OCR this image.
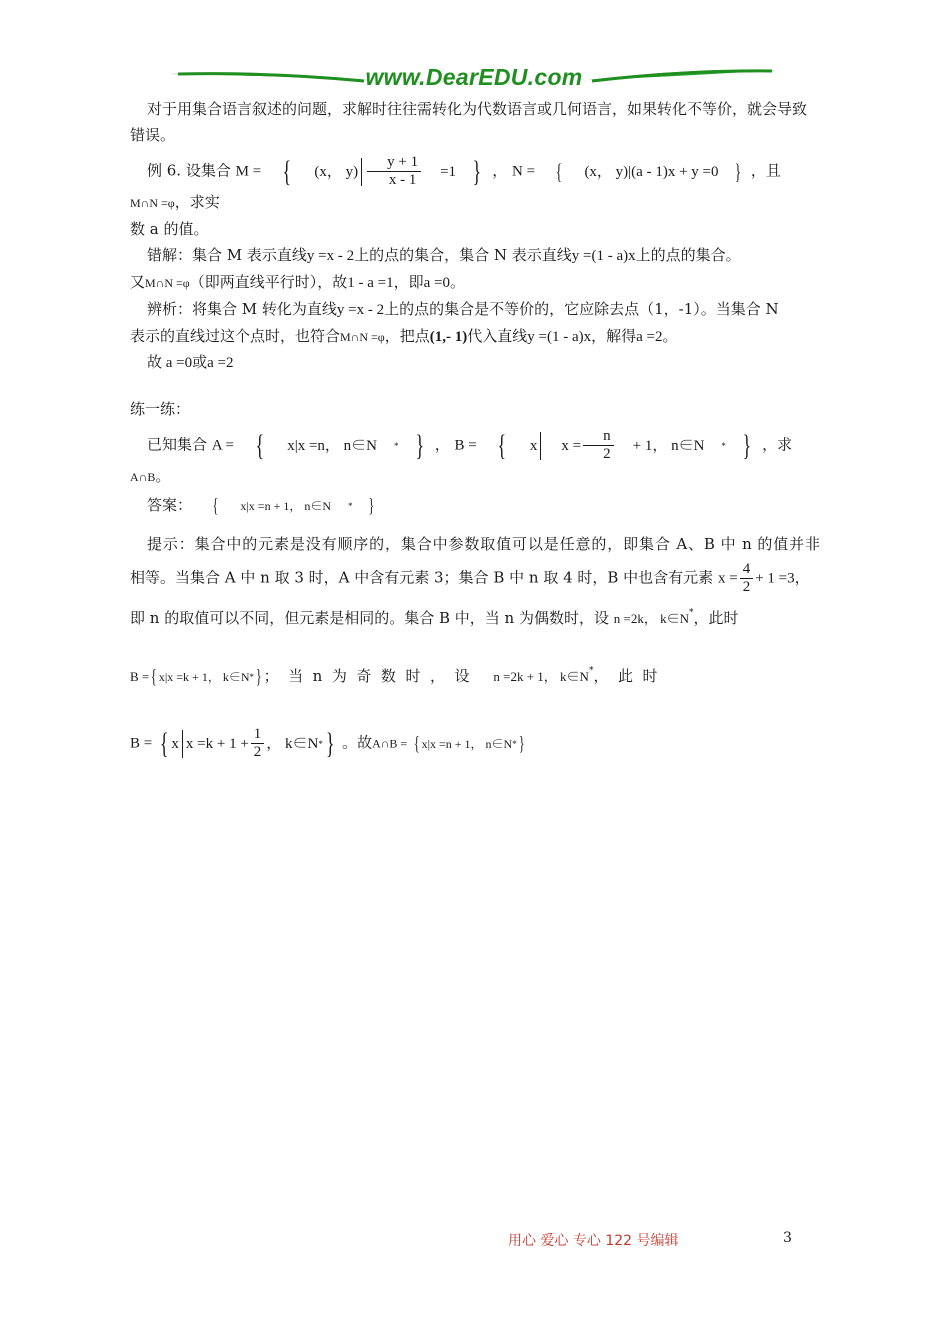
www.DearEDU.com

对于用集合语言叙述的问题，求解时往往需转化为代数语言或几何语言，如果转化不等价，就会导致错误。

例 6. 设集合 M = {	(x， $y) \frac{y + 1}{x - 1}$	=1 } ， N = {	(x， y)|(a - 1)x + y =0 } ，且M∩N =φ，求实

数 a 的值。

错解：集合 M 表示直线y =x - 2上的点的集合，集合 N 表示直线y =(1 - a)x上的点的集合。
又M∩N =φ（即两直线平行时），故1 - a =1，即a =0。

辨析：将集合 M 转化为直线y =x - 2上的点的集合是不等价的，它应除去点（1，-1）。当集合 N
表示的直线过这个点时，也符合M∩N =φ，把点(1,- 1)代入直线y =(1 - a)x，解得a =2。

故 a =0或a =2

练一练：

已知集合 A = {	x|x =n， n∈N	* } ， B = {	x	$x = \frac{n}{2}$	+ 1， n∈N	* } ，求A∩B。

答案：	{	x|x =n + 1， n∈N	* }

提示：集合中的元素是没有顺序的，集合中参数取值可以是任意的，即集合 A、B 中 n 的值并非

相等。当集合 A 中 n 取 3 时，A 中含有元素 3；集合 B 中 n 取 4 时，B 中也含有元素 $x = \frac{4}{2} + 1 =3$，

即 n 的取值可以不同，但元素是相同的。集合 B 中，当 n 为偶数时，设 n =2k， k∈N*，此时

B = { x|x =k + 1， k∈N * } ；  当  n  为  奇  数  时  ，  设 n =2k + 1， k∈N*，  此  时

B = { x $x =k + 1 + \frac{1}{2}$ ， k∈N * } 。故A∩B = { x|x =n + 1， n∈N * }

用心 爱心 专心 122 号编辑	3
